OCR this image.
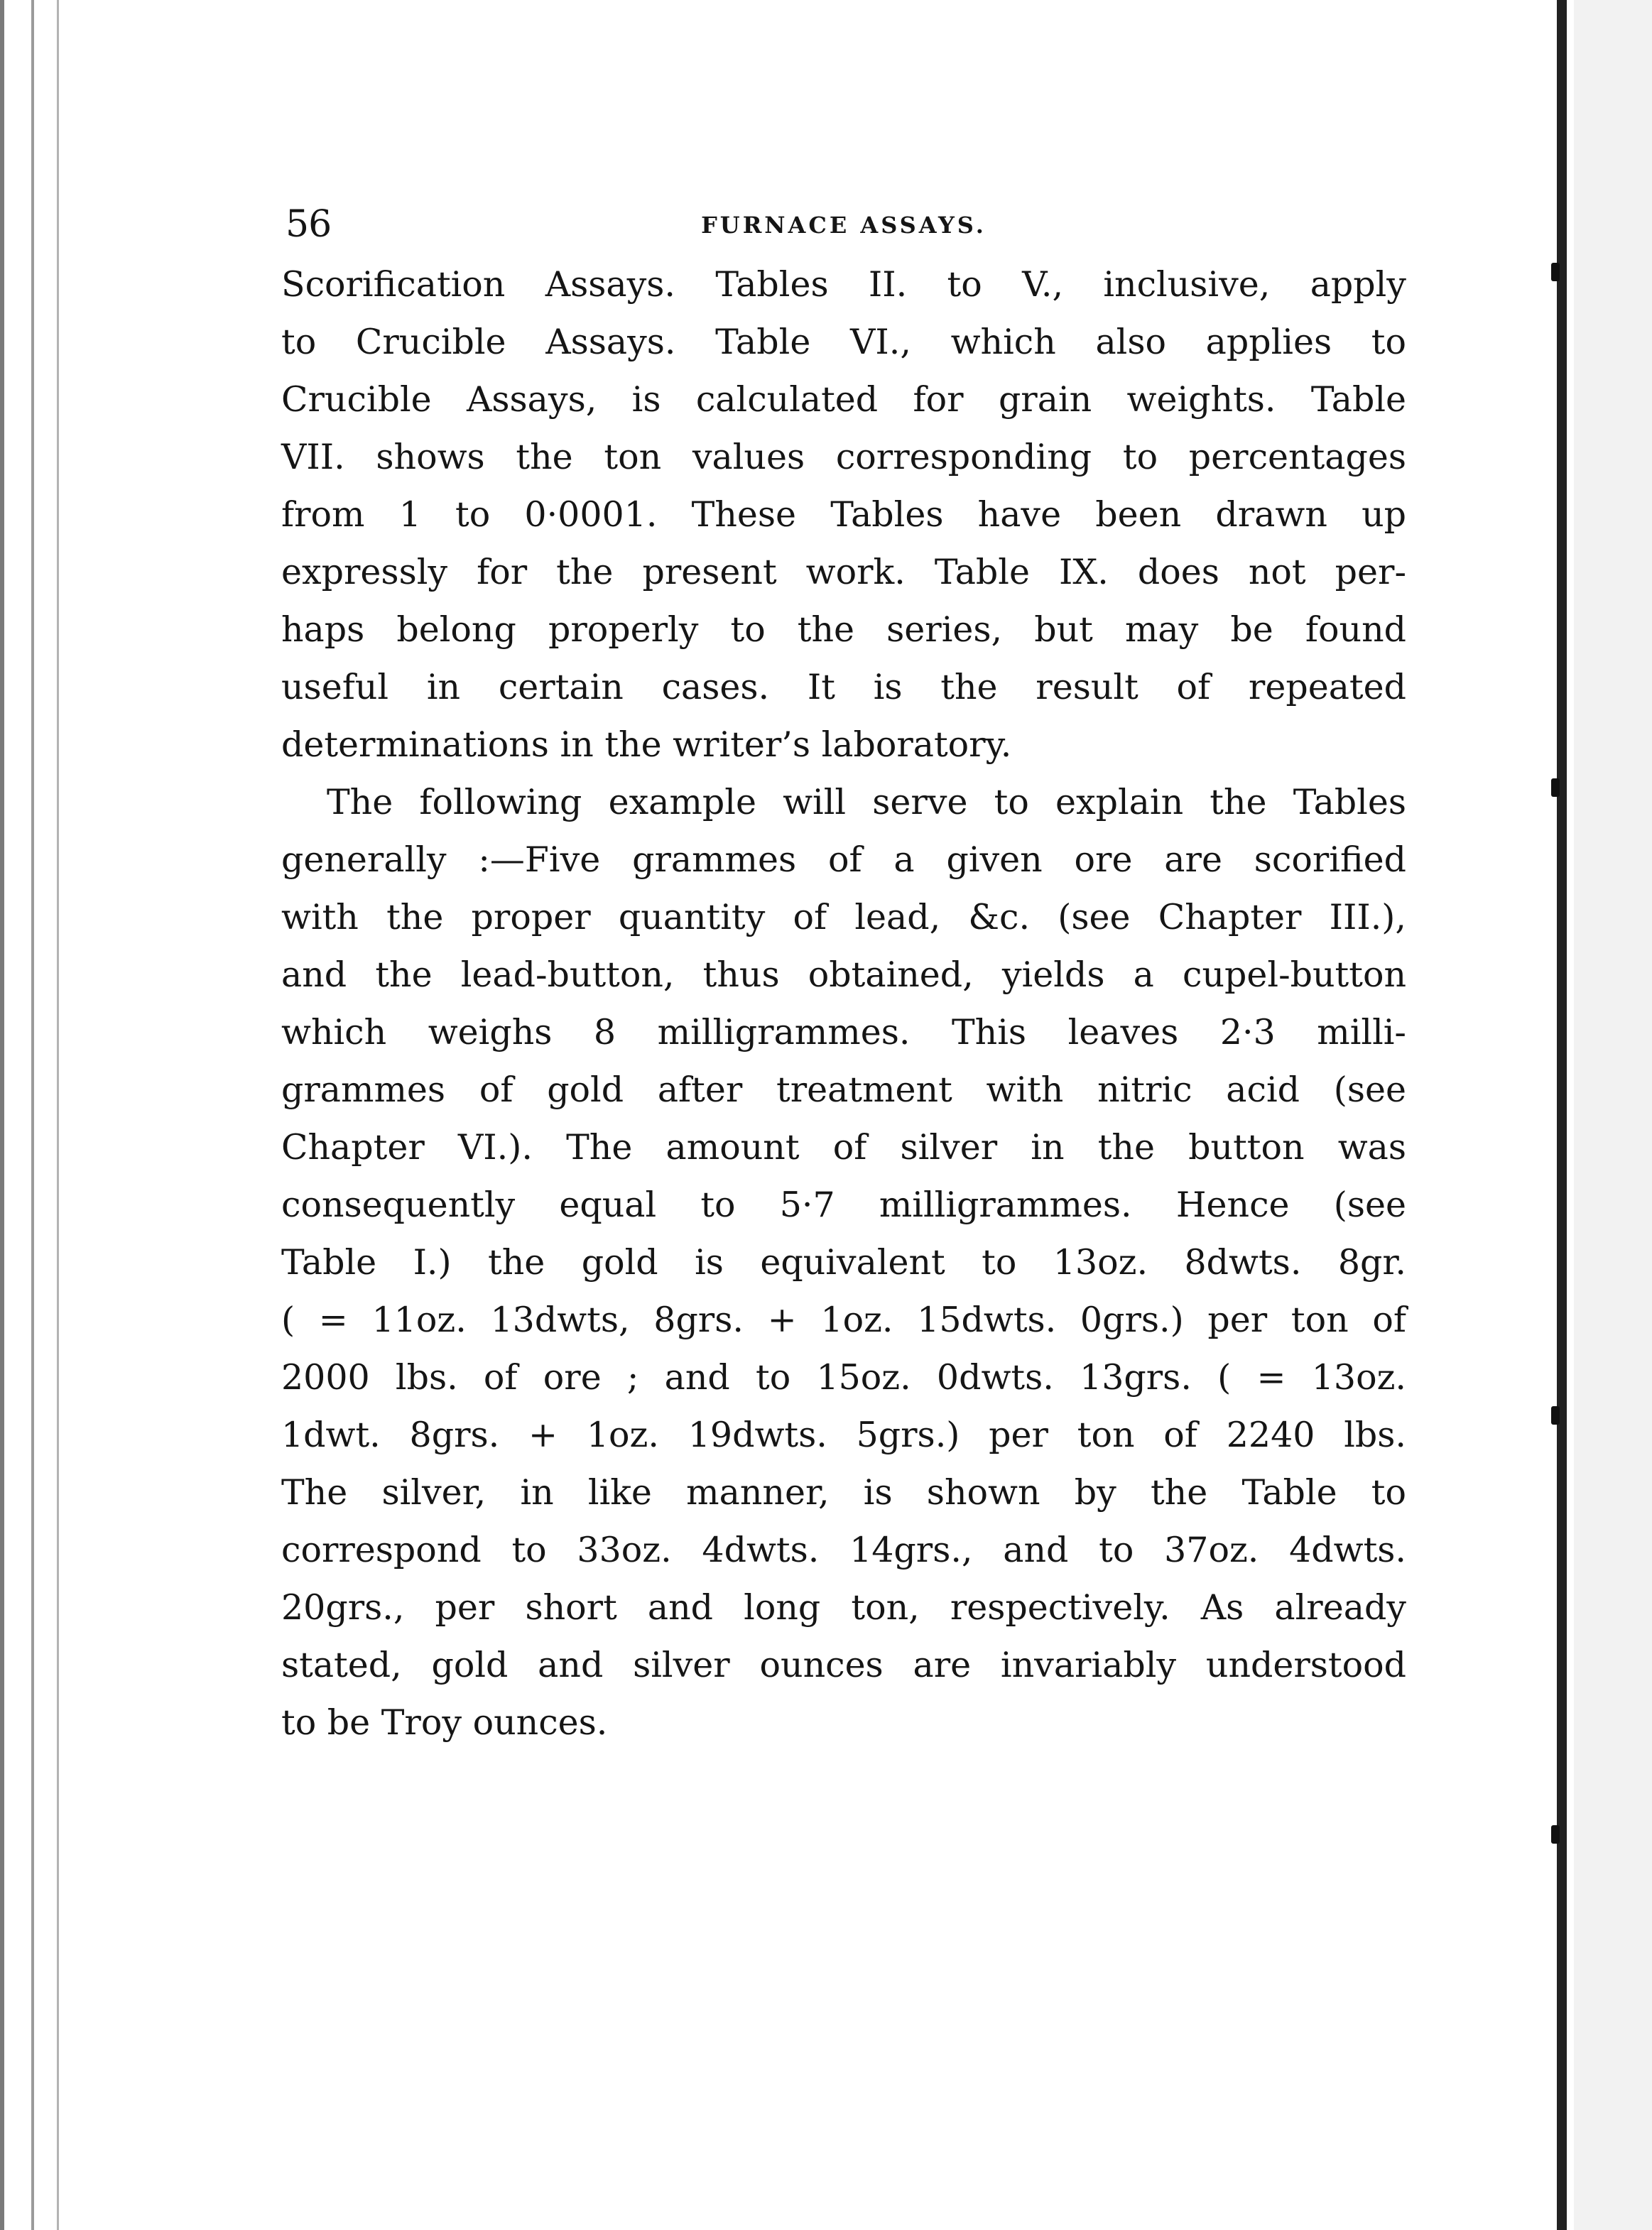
56	FURNACE ASSAYS.

Scorification Assays. Tables II. to V., inclusive, apply
to Crucible Assays. Table VI., which also applies to
Crucible Assays, is calculated for grain weights. Table
VII. shows the ton values corresponding to percentages
from 1 to 0·0001. These Tables have been drawn up
expressly for the present work. Table IX. does not per-
haps belong properly to the series, but may be found
useful in certain cases. It is the result of repeated
determinations in the writer’s laboratory.

The following example will serve to explain the Tables
generally :—Five grammes of a given ore are scorified
with the proper quantity of lead, &c. (see Chapter III.),
and the lead-button, thus obtained, yields a cupel-button
which weighs 8 milligrammes. This leaves 2·3 milli-
grammes of gold after treatment with nitric acid (see
Chapter VI.). The amount of silver in the button was
consequently equal to 5·7 milligrammes. Hence (see
Table I.) the gold is equivalent to 13oz. 8dwts. 8gr.
( = 11oz. 13dwts, 8grs. + 1oz. 15dwts. 0grs.) per ton of
2000 lbs. of ore ; and to 15oz. 0dwts. 13grs. ( = 13oz.
1dwt. 8grs. + 1oz. 19dwts. 5grs.) per ton of 2240 lbs.
The silver, in like manner, is shown by the Table to
correspond to 33oz. 4dwts. 14grs., and to 37oz. 4dwts.
20grs., per short and long ton, respectively. As already
stated, gold and silver ounces are invariably understood
to be Troy ounces.
